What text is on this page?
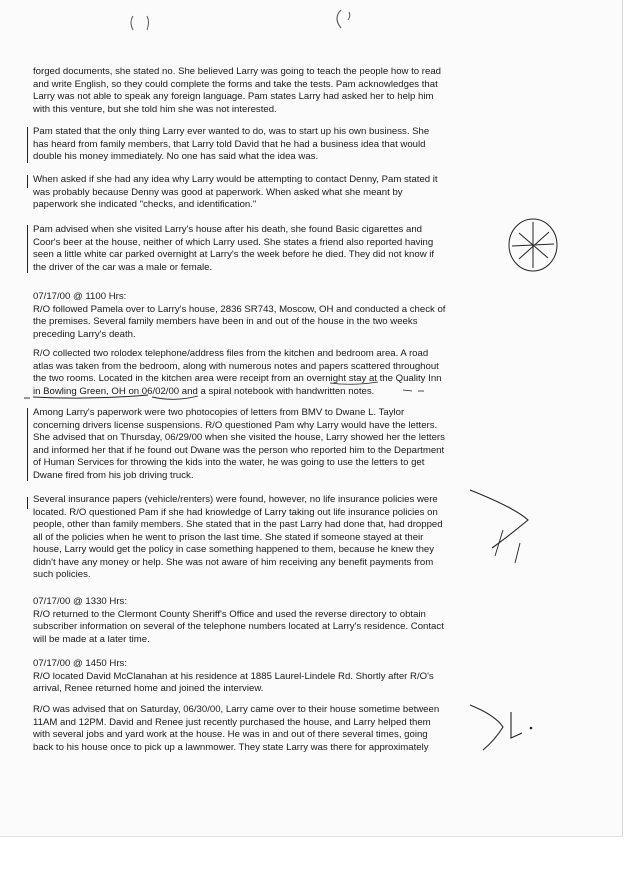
forged documents, she stated no. She believed Larry was going to teach the people how to read
and write English, so they could complete the forms and take the tests. Pam acknowledges that
Larry was not able to speak any foreign language. Pam states Larry had asked her to help him
with this venture, but she told him she was not interested.

Pam stated that the only thing Larry ever wanted to do, was to start up his own business. She
has heard from family members, that Larry told David that he had a business idea that would
double his money immediately. No one has said what the idea was.

When asked if she had any idea why Larry would be attempting to contact Denny, Pam stated it
was probably because Denny was good at paperwork. When asked what she meant by
paperwork she indicated "checks, and identification."

Pam advised when she visited Larry's house after his death, she found Basic cigarettes and
Coor's beer at the house, neither of which Larry used. She states a friend also reported having
seen a little white car parked overnight at Larry's the week before he died. They did not know if
the driver of the car was a male or female.

07/17/00 @ 1100 Hrs:
R/O followed Pamela over to Larry's house, 2836 SR743, Moscow, OH and conducted a check of
the premises. Several family members have been in and out of the house in the two weeks
preceding Larry's death.

R/O collected two rolodex telephone/address files from the kitchen and bedroom area. A road
atlas was taken from the bedroom, along with numerous notes and papers scattered throughout
the two rooms. Located in the kitchen area were receipt from an overnight stay at the Quality Inn
in Bowling Green, OH on 06/02/00 and a spiral notebook with handwritten notes.

Among Larry's paperwork were two photocopies of letters from BMV to Dwane L. Taylor
concerning drivers license suspensions. R/O questioned Pam why Larry would have the letters.
She advised that on Thursday, 06/29/00 when she visited the house, Larry showed her the letters
and informed her that if he found out Dwane was the person who reported him to the Department
of Human Services for throwing the kids into the water, he was going to use the letters to get
Dwane fired from his job driving truck.

Several insurance papers (vehicle/renters) were found, however, no life insurance policies were
located. R/O questioned Pam if she had knowledge of Larry taking out life insurance policies on
people, other than family members. She stated that in the past Larry had done that, had dropped
all of the policies when he went to prison the last time. She stated if someone stayed at their
house, Larry would get the policy in case something happened to them, because he knew they
didn't have any money or help. She was not aware of him receiving any benefit payments from
such policies.

07/17/00 @ 1330 Hrs:
R/O returned to the Clermont County Sheriff's Office and used the reverse directory to obtain
subscriber information on several of the telephone numbers located at Larry's residence. Contact
will be made at a later time.

07/17/00 @ 1450 Hrs:
R/O located David McClanahan at his residence at 1885 Laurel-Lindele Rd. Shortly after R/O's
arrival, Renee returned home and joined the interview.

R/O was advised that on Saturday, 06/30/00, Larry came over to their house sometime between
11AM and 12PM. David and Renee just recently purchased the house, and Larry helped them
with several jobs and yard work at the house. He was in and out of there several times, going
back to his house once to pick up a lawnmower. They state Larry was there for approximately
